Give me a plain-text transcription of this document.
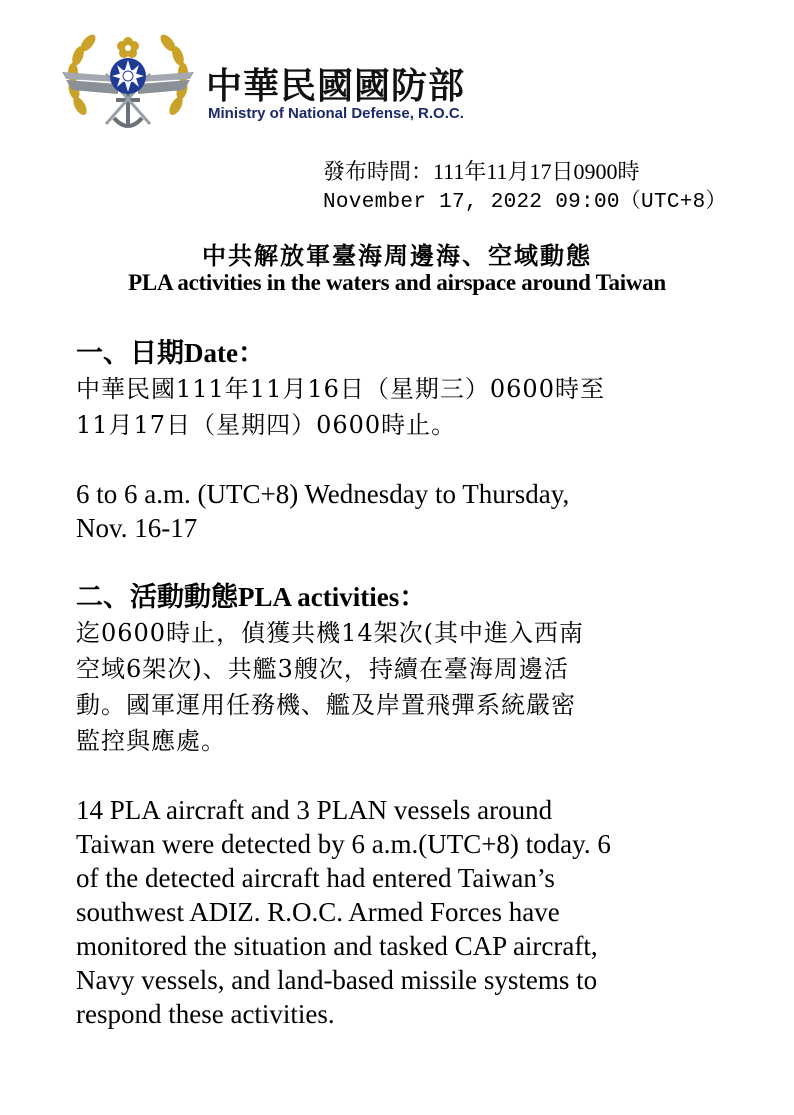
中華民國國防部
Ministry of National Defense, R.O.C.
發布時間：111年11月17日0900時
November 17, 2022 09:00（UTC+8）
中共解放軍臺海周邊海、空域動態
PLA activities in the waters and airspace around Taiwan
一、日期Date：
中華民國111年11月16日（星期三）0600時至
11月17日（星期四）0600時止。
6 to 6 a.m. (UTC+8) Wednesday to Thursday,
Nov. 16-17
二、活動動態PLA activities：
迄0600時止，偵獲共機14架次(其中進入西南
空域6架次)、共艦3艘次，持續在臺海周邊活
動。國軍運用任務機、艦及岸置飛彈系統嚴密
監控與應處。
14 PLA aircraft and 3 PLAN vessels around
Taiwan were detected by 6 a.m.(UTC+8) today. 6
of the detected aircraft had entered Taiwan’s
southwest ADIZ. R.O.C. Armed Forces have
monitored the situation and tasked CAP aircraft,
Navy vessels, and land-based missile systems to
respond these activities.
